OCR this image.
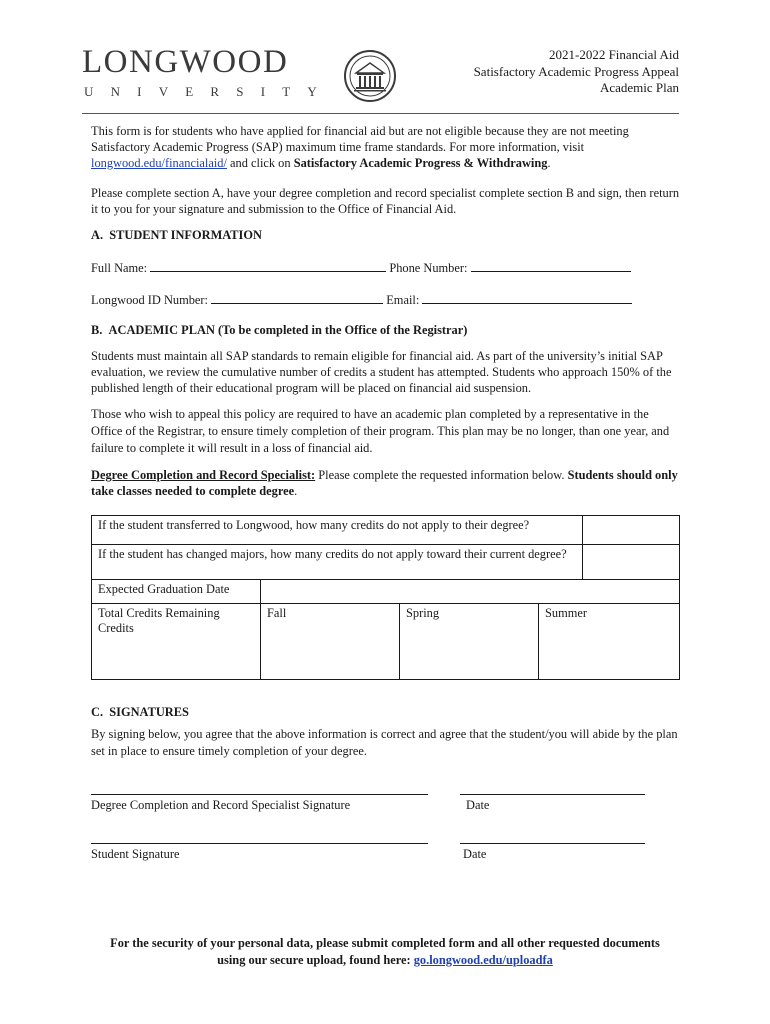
LONGWOOD
UNIVERSITY
2021-2022 Financial Aid
Satisfactory Academic Progress Appeal
Academic Plan
This form is for students who have applied for financial aid but are not eligible because they are not meeting Satisfactory Academic Progress (SAP) maximum time frame standards. For more information, visit longwood.edu/financialaid/ and click on Satisfactory Academic Progress & Withdrawing.
Please complete section A, have your degree completion and record specialist complete section B and sign, then return it to you for your signature and submission to the Office of Financial Aid.
A.  STUDENT INFORMATION
Full Name:	Phone Number:
Longwood ID Number:	Email:
B.  ACADEMIC PLAN (To be completed in the Office of the Registrar)
Students must maintain all SAP standards to remain eligible for financial aid. As part of the university’s initial SAP evaluation, we review the cumulative number of credits a student has attempted. Students who approach 150% of the published length of their educational program will be placed on financial aid suspension.
Those who wish to appeal this policy are required to have an academic plan completed by a representative in the Office of the Registrar, to ensure timely completion of their program. This plan may be no longer, than one year, and failure to complete it will result in a loss of financial aid.
Degree Completion and Record Specialist: Please complete the requested information below. Students should only take classes needed to complete degree.
If the student transferred to Longwood, how many credits do not apply to their degree?				
If the student has changed majors, how many credits do not apply toward their current degree?				
Expected Graduation Date				
Total Credits Remaining Credits	Fall	Spring	Summer	
C.  SIGNATURES
By signing below, you agree that the above information is correct and agree that the student/you will abide by the plan set in place to ensure timely completion of your degree.
Degree Completion and Record Specialist Signature	Date
Student Signature	Date
For the security of your personal data, please submit completed form and all other requested documents
using our secure upload, found here: go.longwood.edu/uploadfa
